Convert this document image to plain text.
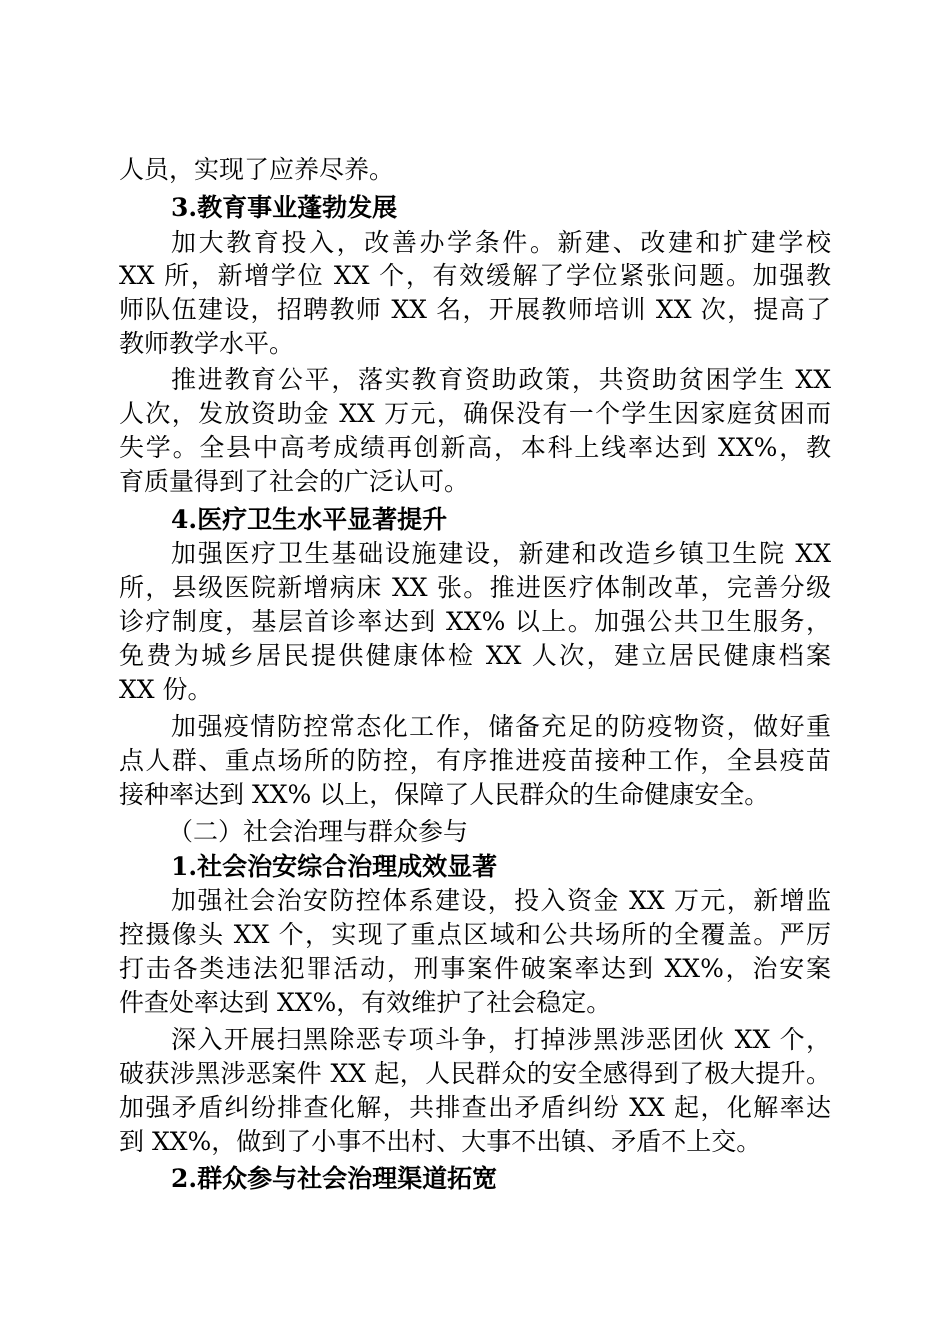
人员，实现了应养尽养。
3.教育事业蓬勃发展
加大教育投入，改善办学条件。新建、改建和扩建学校
XX 所，新增学位 XX 个，有效缓解了学位紧张问题。加强教
师队伍建设，招聘教师 XX 名，开展教师培训 XX 次，提高了
教师教学水平。
推进教育公平，落实教育资助政策，共资助贫困学生 XX
人次，发放资助金 XX 万元，确保没有一个学生因家庭贫困而
失学。全县中高考成绩再创新高，本科上线率达到 XX%，教
育质量得到了社会的广泛认可。
4.医疗卫生水平显著提升
加强医疗卫生基础设施建设，新建和改造乡镇卫生院 XX
所，县级医院新增病床 XX 张。推进医疗体制改革，完善分级
诊疗制度，基层首诊率达到 XX% 以上。加强公共卫生服务，
免费为城乡居民提供健康体检 XX 人次，建立居民健康档案
XX 份。
加强疫情防控常态化工作，储备充足的防疫物资，做好重
点人群、重点场所的防控，有序推进疫苗接种工作，全县疫苗
接种率达到 XX% 以上，保障了人民群众的生命健康安全。
（二）社会治理与群众参与
1.社会治安综合治理成效显著
加强社会治安防控体系建设，投入资金 XX 万元，新增监
控摄像头 XX 个，实现了重点区域和公共场所的全覆盖。严厉
打击各类违法犯罪活动，刑事案件破案率达到 XX%，治安案
件查处率达到 XX%，有效维护了社会稳定。
深入开展扫黑除恶专项斗争，打掉涉黑涉恶团伙 XX 个，
破获涉黑涉恶案件 XX 起，人民群众的安全感得到了极大提升。
加强矛盾纠纷排查化解，共排查出矛盾纠纷 XX 起，化解率达
到 XX%，做到了小事不出村、大事不出镇、矛盾不上交。
2.群众参与社会治理渠道拓宽
